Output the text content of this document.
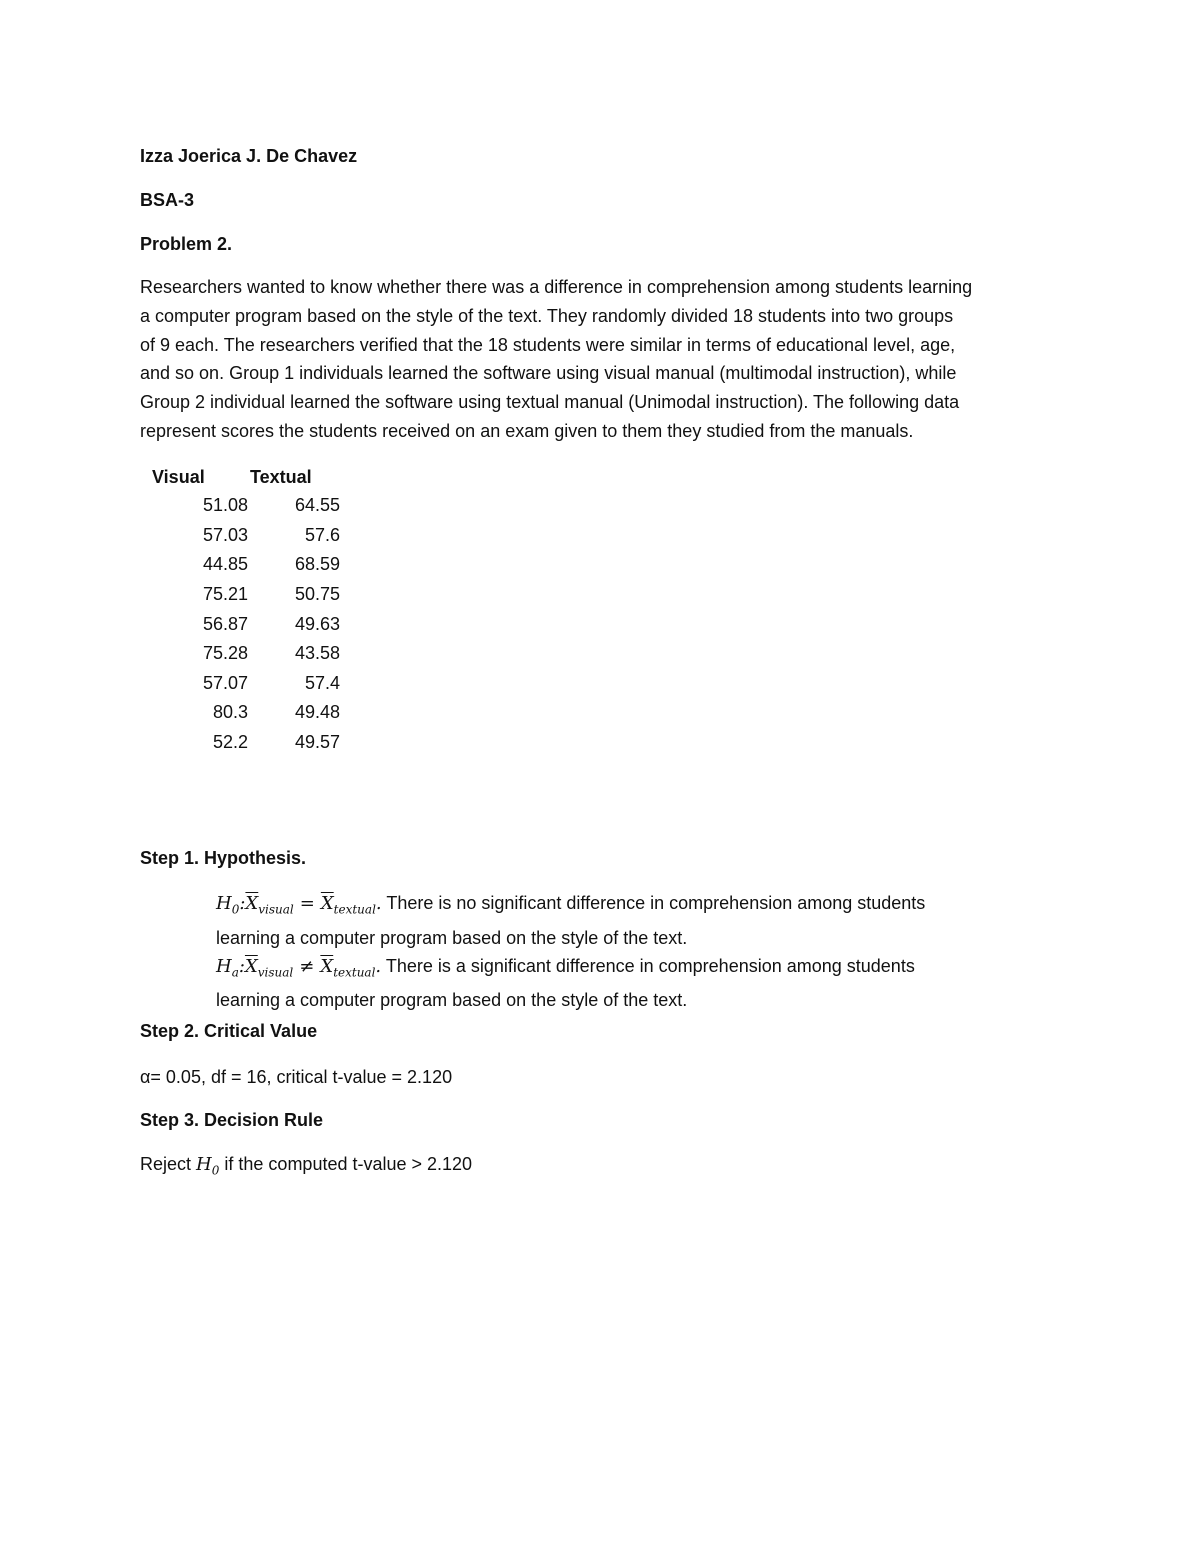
Izza Joerica J. De Chavez
BSA-3
Problem 2.
Researchers wanted to know whether there was a difference in comprehension among students learning
a computer program based on the style of the text. They randomly divided 18 students into two groups
of 9 each. The researchers verified that the 18 students were similar in terms of educational level, age,
and so on. Group 1 individuals learned the software using visual manual (multimodal instruction), while
Group 2 individual learned the software using textual manual (Unimodal instruction). The following data
represent scores the students received on an exam given to them they studied from the manuals.
Visual	Textual
51.08	64.55
57.03	57.6
44.85	68.59
75.21	50.75
56.87	49.63
75.28	43.58
57.07	57.4
80.3	49.48
52.2	49.57
Step 1. Hypothesis.
$H_0:\overline{X}_{visual} = \overline{X}_{textual}$. There is no significant difference in comprehension among students
learning a computer program based on the style of the text.
$H_a:\overline{X}_{visual} \ne \overline{X}_{textual}$. There is a significant difference in comprehension among students
learning a computer program based on the style of the text.
Step 2. Critical Value
α= 0.05, df = 16, critical t-value = 2.120
Step 3. Decision Rule
Reject $H_0$ if the computed t-value > 2.120
